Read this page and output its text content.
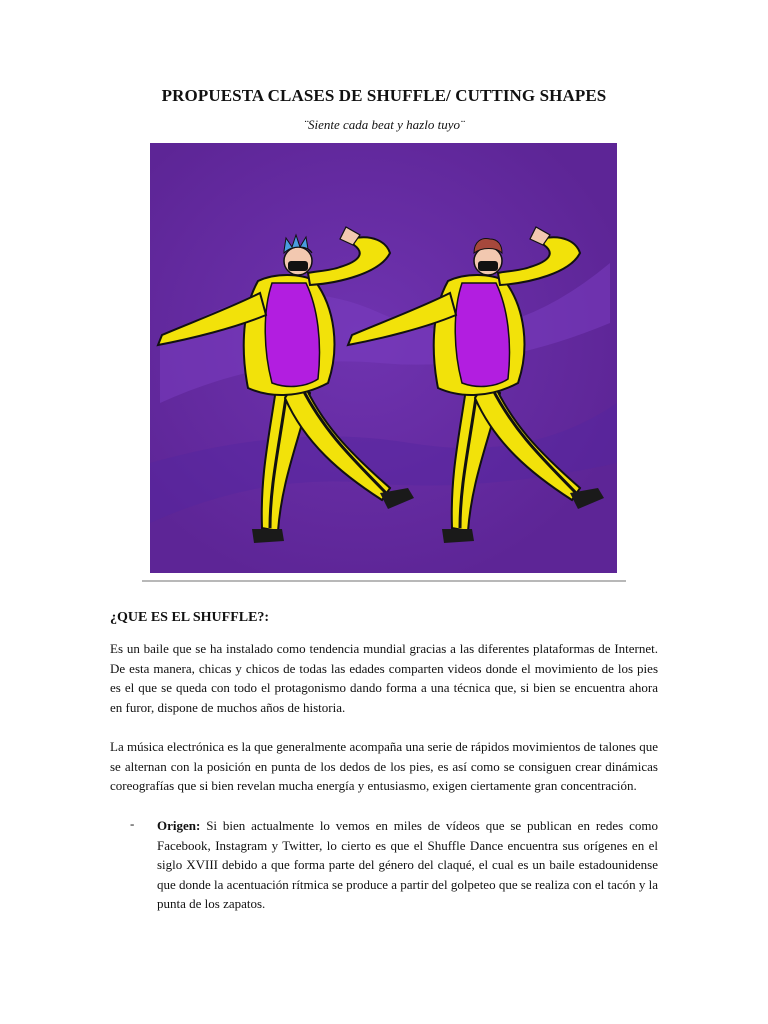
PROPUESTA CLASES DE SHUFFLE/ CUTTING SHAPES
¨Siente cada beat y hazlo tuyo¨
¿QUE ES EL SHUFFLE?:

Es un baile que se ha instalado como tendencia mundial gracias a las diferentes plataformas de Internet. De esta manera, chicas y chicos de todas las edades comparten videos donde el movimiento de los pies es el que se queda con todo el protagonismo dando forma a una técnica que, si bien se encuentra ahora en furor, dispone de muchos años de historia.

La música electrónica es la que generalmente acompaña una serie de rápidos movimientos de talones que se alternan con la posición en punta de los dedos de los pies, es así como se consiguen crear dinámicas coreografías que si bien revelan mucha energía y entusiasmo, exigen ciertamente gran concentración.

- Origen: Si bien actualmente lo vemos en miles de vídeos que se publican en redes como Facebook, Instagram y Twitter, lo cierto es que el Shuffle Dance encuentra sus orígenes en el siglo XVIII debido a que forma parte del género del claqué, el cual es un baile estadounidense que donde la acentuación rítmica se produce a partir del golpeteo que se realiza con el tacón y la punta de los zapatos.
